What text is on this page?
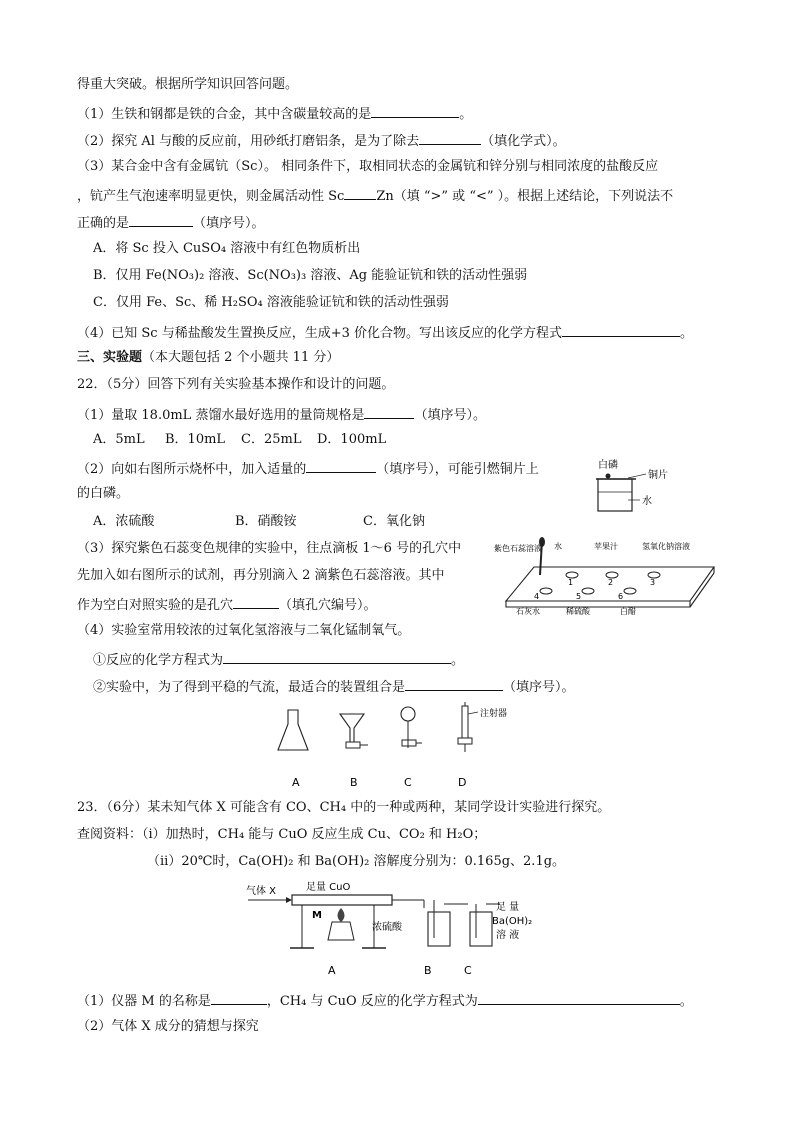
得重大突破。根据所学知识回答问题。
（1）生铁和钢都是铁的合金，其中含碳量较高的是	。
（2）探究 Al 与酸的反应前，用砂纸打磨铝条，是为了除去	（填化学式）。
（3）某合金中含有金属钪（Sc）。 相同条件下，取相同状态的金属钪和锌分别与相同浓度的盐酸反应
，钪产生气泡速率明显更快，则金属活动性 Sc Zn（填 “>” 或 “<” ）。根据上述结论，下列说法不
正确的是	（填序号）。
A．将 Sc 投入 CuSO₄ 溶液中有红色物质析出
B．仅用 Fe(NO₃)₂ 溶液、Sc(NO₃)₃ 溶液、Ag 能验证钪和铁的活动性强弱
C．仅用 Fe、Sc、稀 H₂SO₄ 溶液能验证钪和铁的活动性强弱
（4）已知 Sc 与稀盐酸发生置换反应，生成+3 价化合物。写出该反应的化学方程式	。
三、实验题（本大题包括 2 个小题共 11 分）
22．（5分）回答下列有关实验基本操作和设计的问题。
（1）量取 18.0mL 蒸馏水最好选用的量筒规格是	（填序号）。
A．5mL B．10mL C．25mL D．100mL
（2）向如右图所示烧杯中，加入适量的	（填序号），可能引燃铜片上
的白磷。
A．浓硫酸	B．硝酸铵	C．氧化钠
（3）探究紫色石蕊变色规律的实验中，往点滴板 1～6 号的孔穴中
先加入如右图所示的试剂，再分别滴入 2 滴紫色石蕊溶液。其中
作为空白对照实验的是孔穴	（填孔穴编号）。
（4）实验室常用较浓的过氧化氢溶液与二氧化锰制氧气。
①反应的化学方程式为	。
②实验中，为了得到平稳的气流，最适合的装置组合是	（填序号）。
23．（6分）某未知气体 X 可能含有 CO、CH₄ 中的一种或两种，某同学设计实验进行探究。
查阅资料：（ⅰ）加热时，CH₄ 能与 CuO 反应生成 Cu、CO₂ 和 H₂O；
（ⅱ）20℃时，Ca(OH)₂ 和 Ba(OH)₂ 溶解度分别为：0.165g、2.1g。
（1）仪器 M 的名称是	，CH₄ 与 CuO 反应的化学方程式为	。
（2）气体 X 成分的猜想与探究
白磷
铜片
水
1	2	3
4	5	6
紫色石蕊溶液 水	苹果汁	氢氧化钠溶液
石灰水	稀硫酸	白醋
注射器
A	B	C	D
气体 X	足量 CuO
M
浓硫酸
足 量
Ba(OH)₂
溶 液
A	B	C
